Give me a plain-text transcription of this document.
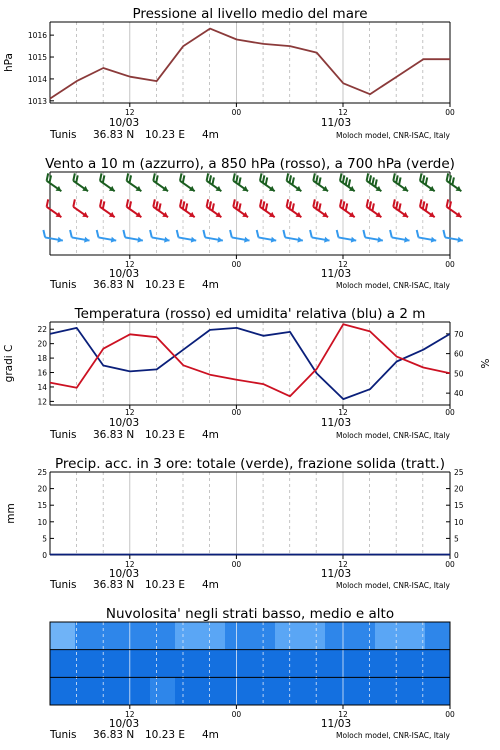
Pressione al livello medio del mare
12	00	12	00
10/03	11/03
Tunis 36.83 N 10.23 E 4m	Moloch model, CNR-ISAC, Italy
1013
1014
1015
1016
hPa
Vento a 10 m (azzurro), a 850 hPa (rosso), a 700 hPa (verde)
12	00	12	00
10/03	11/03
Tunis 36.83 N 10.23 E 4m	Moloch model, CNR-ISAC, Italy
Temperatura (rosso) ed umidita' relativa (blu) a 2 m
12	00	12	00
10/03	11/03
Tunis 36.83 N 10.23 E 4m	Moloch model, CNR-ISAC, Italy
12
14
16
18
20
22
gradi C
40
50
60
70
%
Precip. acc. in 3 ore: totale (verde), frazione solida (tratt.)
12	00	12	00
10/03	11/03
Tunis 36.83 N 10.23 E 4m	Moloch model, CNR-ISAC, Italy
0
5
10
15
20
25
mm
0
5
10
15
20
25
Nuvolosita' negli strati basso, medio e alto
12	00	12	00
10/03	11/03
Tunis 36.83 N 10.23 E 4m	Moloch model, CNR-ISAC, Italy
